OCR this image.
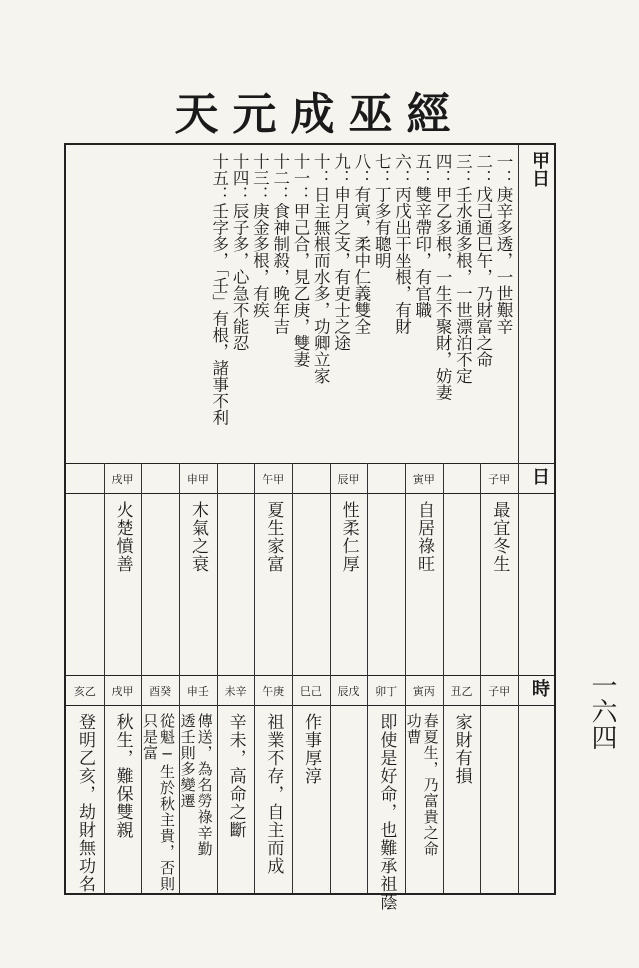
天元成巫經
一六四
甲日
日
時
一：庚辛多透，一世艱辛
二：戊己通巳午，乃財富之命
三：壬水通多根，一世漂泊不定
四：甲乙多根，一生不聚財，妨妻
五：雙辛帶印，有官職
六：丙戊出干坐根，有財
七：丁多有聰明
八：有寅，柔中仁義雙全
九：申月之支，有吏士之途
十：日主無根而水多，功卿立家
十一：甲己合，見乙庚，雙妻
十二：食神制殺，晚年吉
十三：庚金多根，有疾
十四：辰子多，心急不能忍
十五：壬字多，「壬」有根，諸事不利
子甲
最宜冬生
寅甲
自居祿旺
辰甲
性柔仁厚
午甲
夏生家富
申甲
木氣之衰
戌甲
火楚憤善
子甲
丑乙
家財有損
寅丙
春夏生，乃富貴之命
功曹
卯丁
即使是好命，也難承祖蔭
辰戊
巳己
作事厚淳
午庚
祖業不存，自主而成
未辛
辛未，高命之斷
申壬
傳送，為名勞祿辛勤
透壬則多變遷
酉癸
從魁─生於秋主貴，否則
只是富
戌甲
秋生，難保雙親
亥乙
登明乙亥，劫財無功名
